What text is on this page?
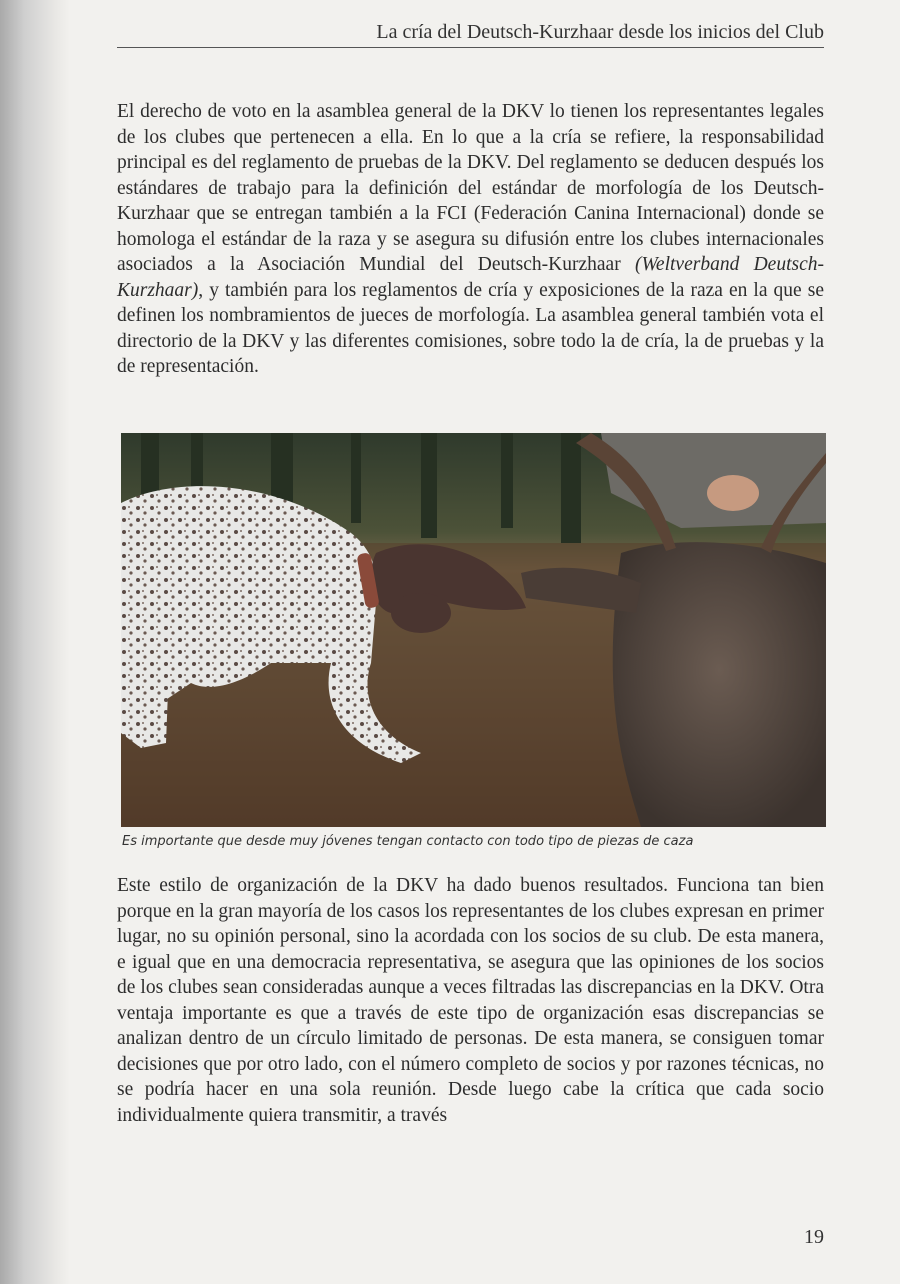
La cría del Deutsch-Kurzhaar desde los inicios del Club

El derecho de voto en la asamblea general de la DKV lo tienen los representantes legales de los clubes que pertenecen a ella. En lo que a la cría se refiere, la responsabilidad principal es del reglamento de pruebas de la DKV. Del reglamento se deducen después los estándares de trabajo para la definición del estándar de morfología de los Deutsch-Kurzhaar que se entregan también a la FCI (Federación Canina Internacional) donde se homologa el estándar de la raza y se asegura su difusión entre los clubes internacionales asociados a la Asociación Mundial del Deutsch-Kurzhaar (Weltverband Deutsch-Kurzhaar), y también para los reglamentos de cría y exposiciones de la raza en la que se definen los nombramientos de jueces de morfología. La asamblea general también vota el directorio de la DKV y las diferentes comisiones, sobre todo la de cría, la de pruebas y la de representación.

Es importante que desde muy jóvenes tengan contacto con todo tipo de piezas de caza

Este estilo de organización de la DKV ha dado buenos resultados. Funciona tan bien porque en la gran mayoría de los casos los representantes de los clubes expresan en primer lugar, no su opinión personal, sino la acordada con los socios de su club. De esta manera, e igual que en una democracia representativa, se asegura que las opiniones de los socios de los clubes sean consideradas aunque a veces filtradas las discrepancias en la DKV. Otra ventaja importante es que a través de este tipo de organización esas discrepancias se analizan dentro de un círculo limitado de personas. De esta manera, se consiguen tomar decisiones que por otro lado, con el número completo de socios y por razones técnicas, no se podría hacer en una sola reunión. Desde luego cabe la crítica que cada socio individualmente quiera transmitir, a través

19
